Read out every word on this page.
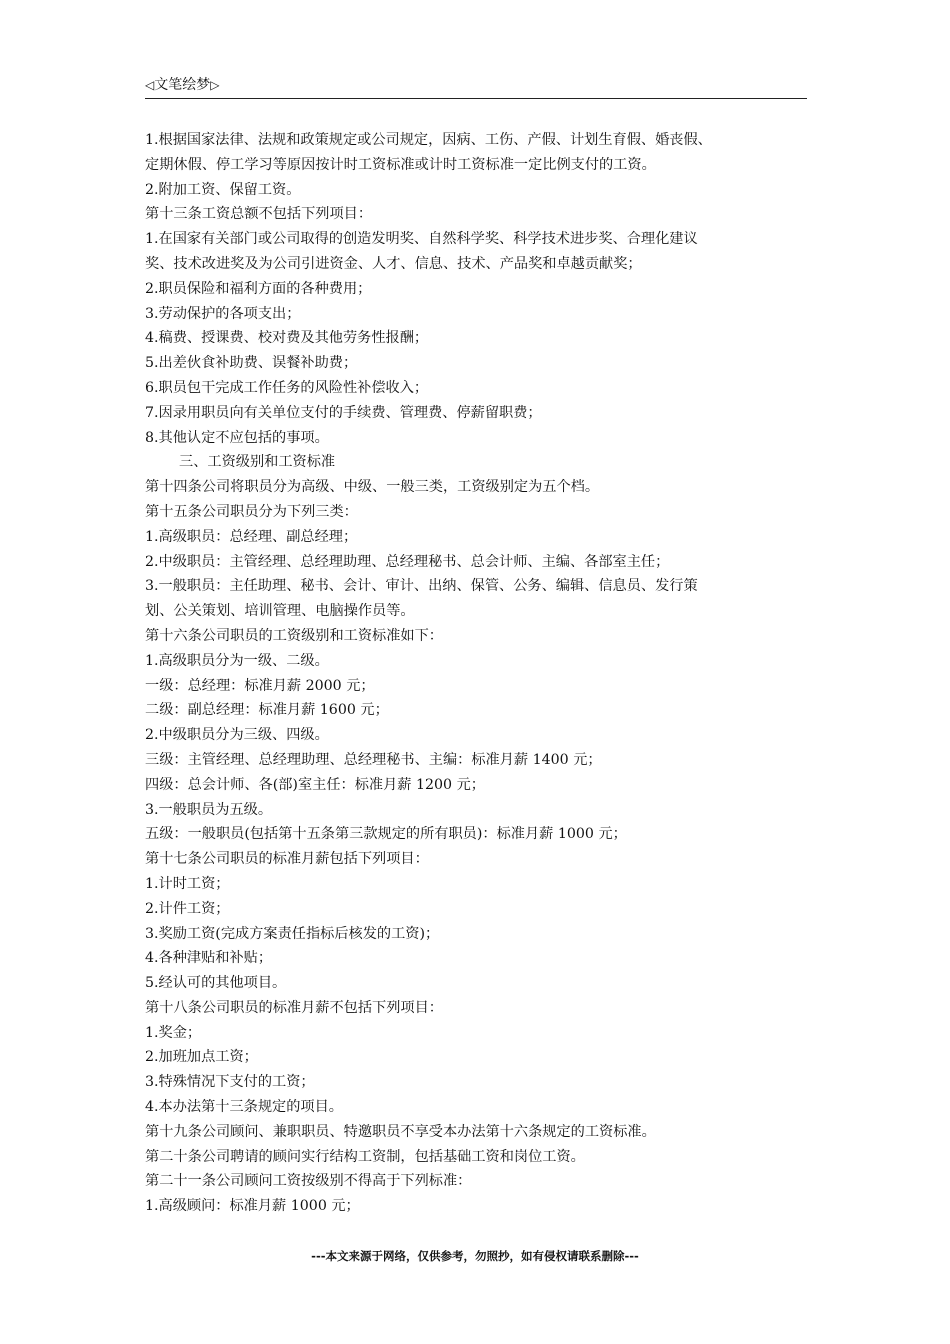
◁文笔绘梦▷
1.根据国家法律、法规和政策规定或公司规定，因病、工伤、产假、计划生育假、婚丧假、
定期休假、停工学习等原因按计时工资标准或计时工资标准一定比例支付的工资。
2.附加工资、保留工资。
第十三条工资总额不包括下列项目：
1.在国家有关部门或公司取得的创造发明奖、自然科学奖、科学技术进步奖、合理化建议
奖、技术改进奖及为公司引进资金、人才、信息、技术、产品奖和卓越贡献奖；
2.职员保险和福利方面的各种费用；
3.劳动保护的各项支出；
4.稿费、授课费、校对费及其他劳务性报酬；
5.出差伙食补助费、误餐补助费；
6.职员包干完成工作任务的风险性补偿收入；
7.因录用职员向有关单位支付的手续费、管理费、停薪留职费；
8.其他认定不应包括的事项。
三、工资级别和工资标准
第十四条公司将职员分为高级、中级、一般三类，工资级别定为五个档。
第十五条公司职员分为下列三类：
1.高级职员：总经理、副总经理；
2.中级职员：主管经理、总经理助理、总经理秘书、总会计师、主编、各部室主任；
3.一般职员：主任助理、秘书、会计、审计、出纳、保管、公务、编辑、信息员、发行策
划、公关策划、培训管理、电脑操作员等。
第十六条公司职员的工资级别和工资标准如下：
1.高级职员分为一级、二级。
一级：总经理：标准月薪 2000 元；
二级：副总经理：标准月薪 1600 元；
2.中级职员分为三级、四级。
三级：主管经理、总经理助理、总经理秘书、主编：标准月薪 1400 元；
四级：总会计师、各(部)室主任：标准月薪 1200 元；
3.一般职员为五级。
五级：一般职员(包括第十五条第三款规定的所有职员)：标准月薪 1000 元；
第十七条公司职员的标准月薪包括下列项目：
1.计时工资；
2.计件工资；
3.奖励工资(完成方案责任指标后核发的工资)；
4.各种津贴和补贴；
5.经认可的其他项目。
第十八条公司职员的标准月薪不包括下列项目：
1.奖金；
2.加班加点工资；
3.特殊情况下支付的工资；
4.本办法第十三条规定的项目。
第十九条公司顾问、兼职职员、特邀职员不享受本办法第十六条规定的工资标准。
第二十条公司聘请的顾问实行结构工资制，包括基础工资和岗位工资。
第二十一条公司顾问工资按级别不得高于下列标准：
1.高级顾问：标准月薪 1000 元；
---本文来源于网络，仅供参考，勿照抄，如有侵权请联系删除---
